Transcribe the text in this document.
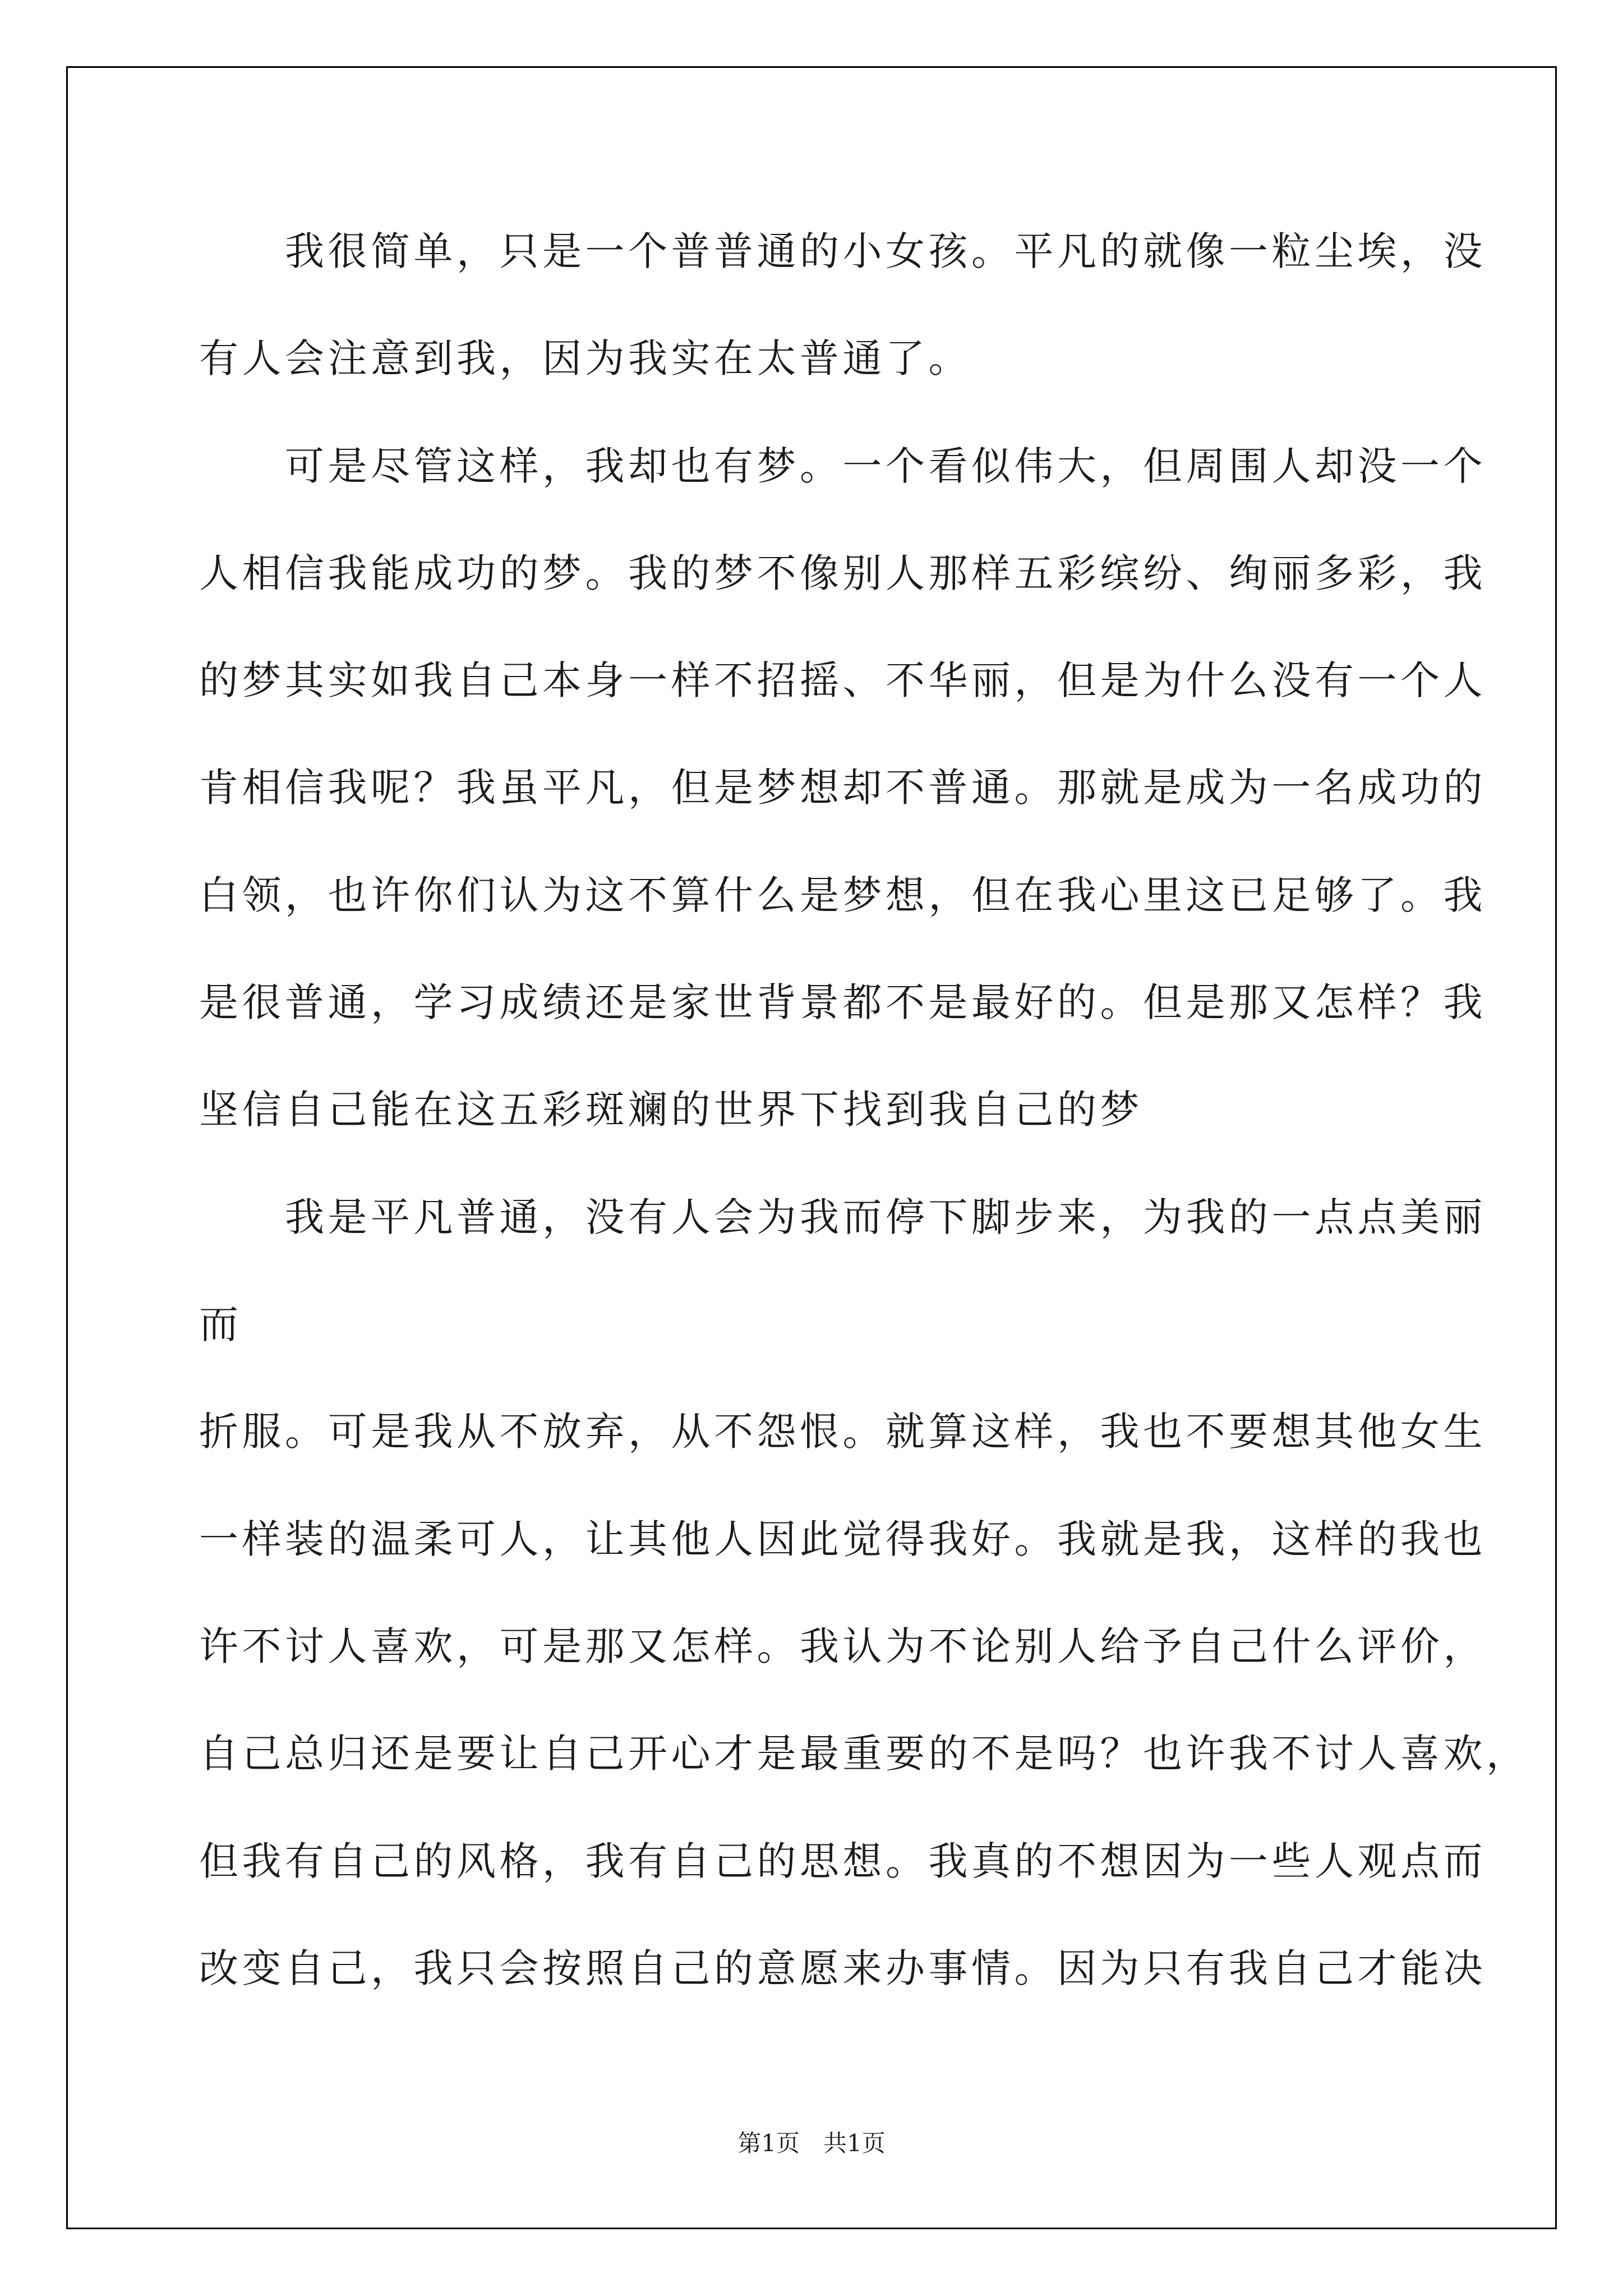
　　我很简单，只是一个普普通的小女孩。平凡的就像一粒尘埃，没
有人会注意到我，因为我实在太普通了。
　　可是尽管这样，我却也有梦。一个看似伟大，但周围人却没一个
人相信我能成功的梦。我的梦不像别人那样五彩缤纷、绚丽多彩，我
的梦其实如我自己本身一样不招摇、不华丽，但是为什么没有一个人
肯相信我呢？我虽平凡，但是梦想却不普通。那就是成为一名成功的
白领，也许你们认为这不算什么是梦想，但在我心里这已足够了。我
是很普通，学习成绩还是家世背景都不是最好的。但是那又怎样？我
坚信自己能在这五彩斑斓的世界下找到我自己的梦
　　我是平凡普通，没有人会为我而停下脚步来，为我的一点点美丽
而
折服。可是我从不放弃，从不怨恨。就算这样，我也不要想其他女生
一样装的温柔可人，让其他人因此觉得我好。我就是我，这样的我也
许不讨人喜欢，可是那又怎样。我认为不论别人给予自己什么评价，
自己总归还是要让自己开心才是最重要的不是吗？也许我不讨人喜欢，
但我有自己的风格，我有自己的思想。我真的不想因为一些人观点而
改变自己，我只会按照自己的意愿来办事情。因为只有我自己才能决
第1页　共1页
